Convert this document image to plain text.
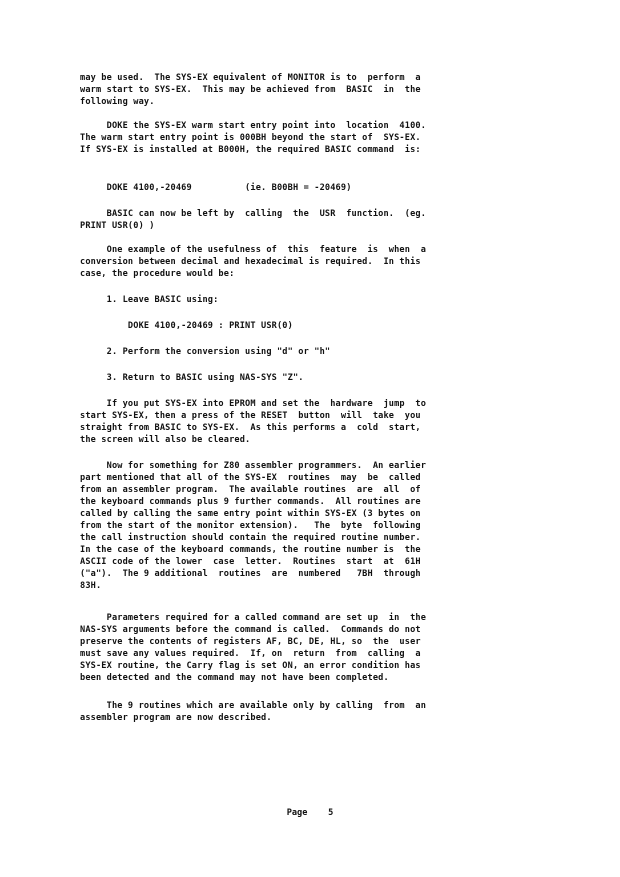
may be used.  The SYS-EX equivalent of MONITOR is to  perform  a
warm start to SYS-EX.  This may be achieved from  BASIC  in  the
following way.
DOKE the SYS-EX warm start entry point into  location  4100.
The warm start entry point is 000BH beyond the start of  SYS-EX.
If SYS-EX is installed at B000H, the required BASIC command  is:
DOKE 4100,-20469          (ie. B00BH = -20469)
BASIC can now be left by  calling  the  USR  function.  (eg.
PRINT USR(0) )
One example of the usefulness of  this  feature  is  when  a
conversion between decimal and hexadecimal is required.  In this
case, the procedure would be:
1. Leave BASIC using:
DOKE 4100,-20469 : PRINT USR(0)
2. Perform the conversion using "d" or "h"
3. Return to BASIC using NAS-SYS "Z".
If you put SYS-EX into EPROM and set the  hardware  jump  to
start SYS-EX, then a press of the RESET  button  will  take  you
straight from BASIC to SYS-EX.  As this performs a  cold  start,
the screen will also be cleared.
Now for something for Z80 assembler programmers.  An earlier
part mentioned that all of the SYS-EX  routines  may  be  called
from an assembler program.  The available routines  are  all  of
the keyboard commands plus 9 further commands.  All routines are
called by calling the same entry point within SYS-EX (3 bytes on
from the start of the monitor extension).   The  byte  following
the call instruction should contain the required routine number.
In the case of the keyboard commands, the routine number is  the
ASCII code of the lower  case  letter.  Routines  start  at  61H
("a").  The 9 additional  routines  are  numbered   7BH  through
83H.
Parameters required for a called command are set up  in  the
NAS-SYS arguments before the command is called.  Commands do not
preserve the contents of registers AF, BC, DE, HL, so  the  user
must save any values required.  If, on  return  from  calling  a
SYS-EX routine, the Carry flag is set ON, an error condition has
been detected and the command may not have been completed.
The 9 routines which are available only by calling  from  an
assembler program are now described.
Page 5
